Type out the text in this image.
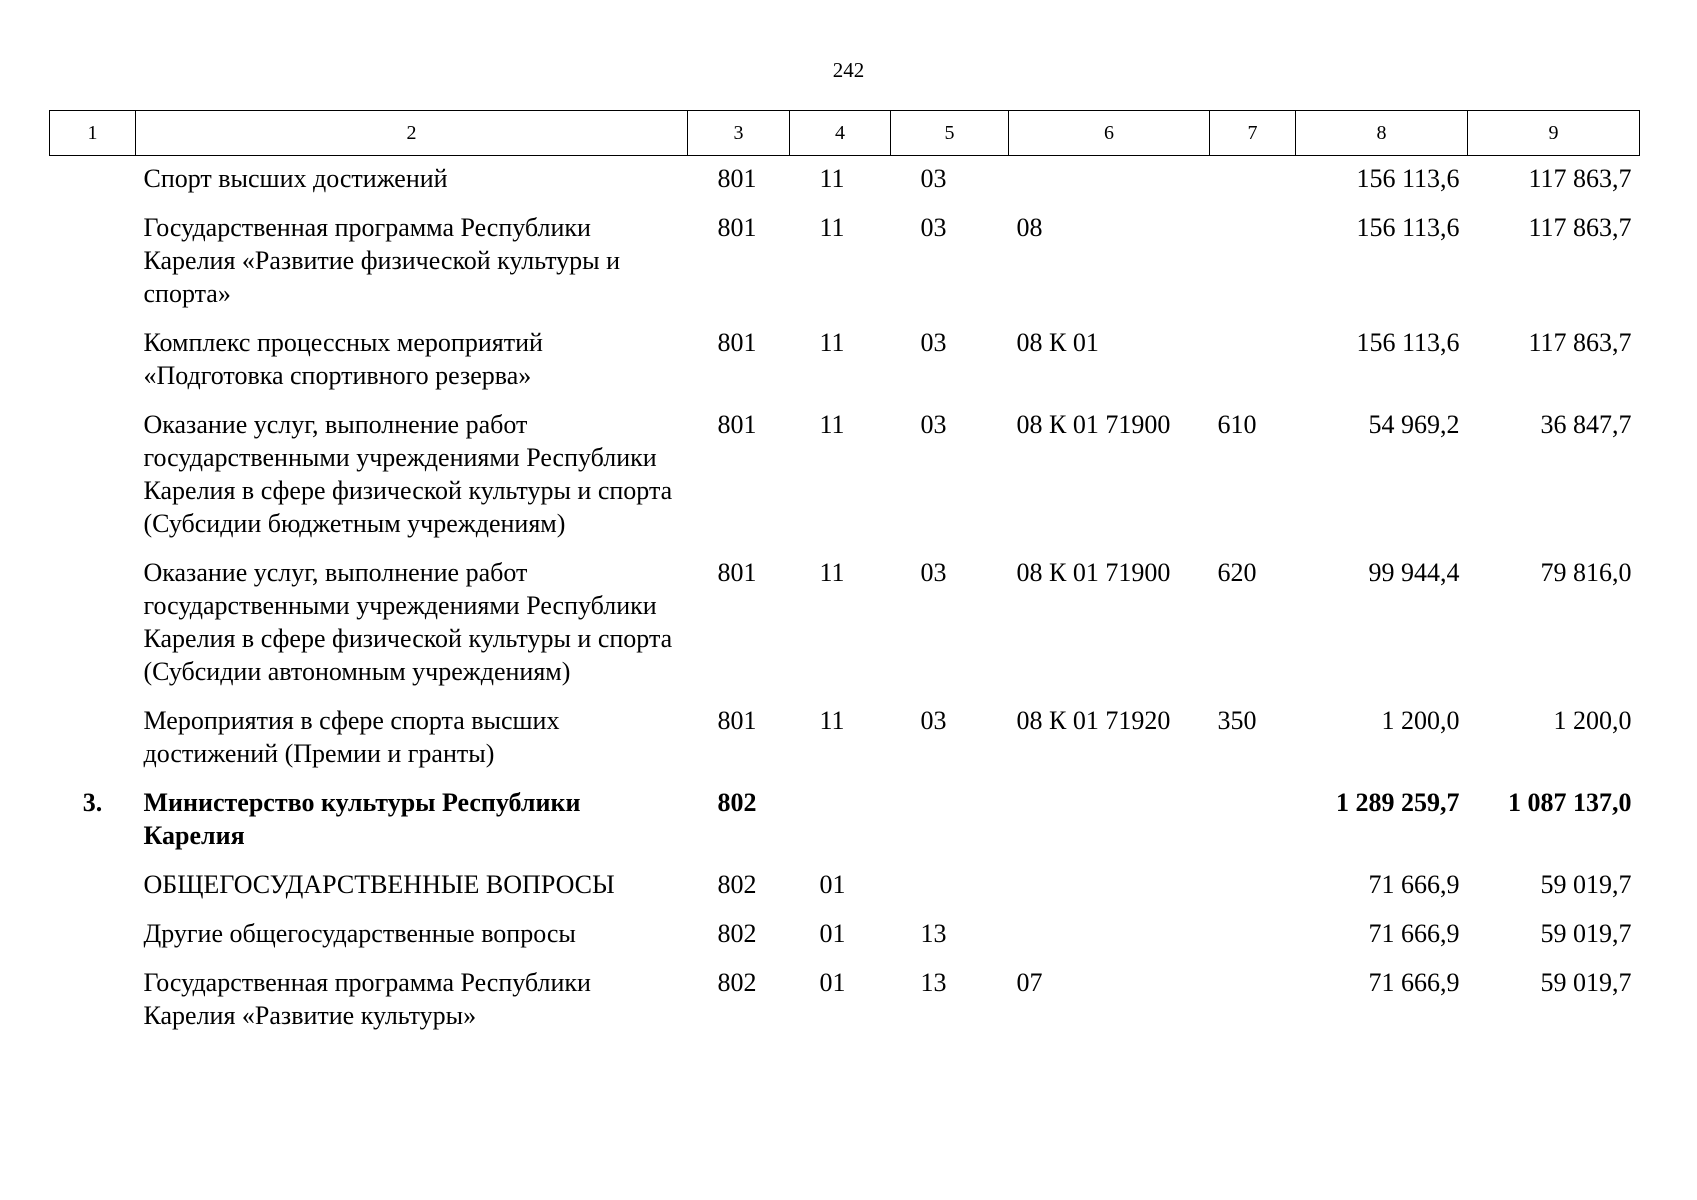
242
1	2	3	4	5	6	7	8	9
	Спорт высших достижений	801	11	03			156 113,6	117 863,7
	Государственная программа Республики Карелия «Развитие физической культуры и спорта»	801	11	03	08		156 113,6	117 863,7
	Комплекс процессных мероприятий «Подготовка спортивного резерва»	801	11	03	08 К 01		156 113,6	117 863,7
	Оказание услуг, выполнение работ государственными учреждениями Республики Карелия в сфере физической культуры и спорта (Субсидии бюджетным учреждениям)	801	11	03	08 К 01 71900	610	54 969,2	36 847,7
	Оказание услуг, выполнение работ государственными учреждениями Республики Карелия в сфере физической культуры и спорта (Субсидии автономным учреждениям)	801	11	03	08 К 01 71900	620	99 944,4	79 816,0
	Мероприятия в сфере спорта высших достижений (Премии и гранты)	801	11	03	08 К 01 71920	350	1 200,0	1 200,0
3.	Министерство культуры Республики Карелия	802					1 289 259,7	1 087 137,0
	ОБЩЕГОСУДАРСТВЕННЫЕ ВОПРОСЫ	802	01				71 666,9	59 019,7
	Другие общегосударственные вопросы	802	01	13			71 666,9	59 019,7
	Государственная программа Республики Карелия «Развитие культуры»	802	01	13	07		71 666,9	59 019,7
